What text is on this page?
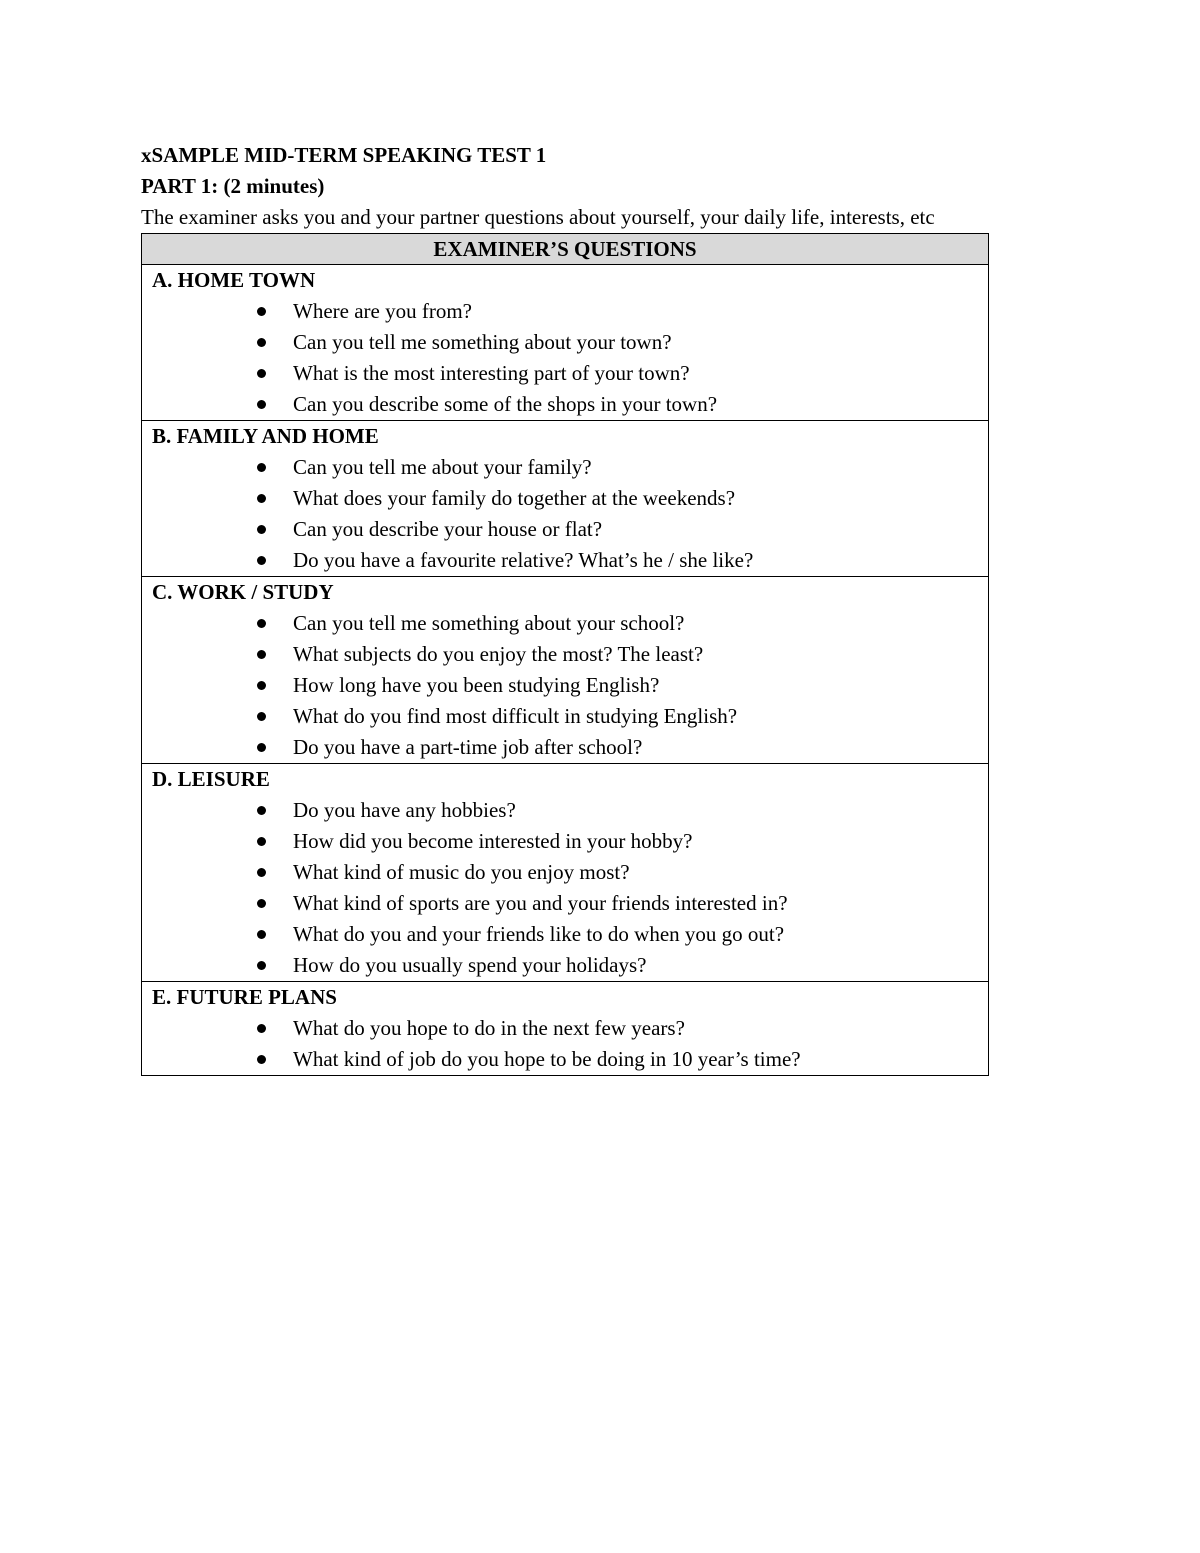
xSAMPLE MID-TERM SPEAKING TEST 1
PART 1: (2 minutes)
The examiner asks you and your partner questions about yourself, your daily life, interests, etc
EXAMINER’S QUESTIONS
A. HOME TOWN
Where are you from?
Can you tell me something about your town?
What is the most interesting part of your town?
Can you describe some of the shops in your town?
B. FAMILY AND HOME
Can you tell me about your family?
What does your family do together at the weekends?
Can you describe your house or flat?
Do you have a favourite relative? What’s he / she like?
C. WORK / STUDY
Can you tell me something about your school?
What subjects do you enjoy the most? The least?
How long have you been studying English?
What do you find most difficult in studying English?
Do you have a part-time job after school?
D. LEISURE
Do you have any hobbies?
How did you become interested in your hobby?
What kind of music do you enjoy most?
What kind of sports are you and your friends interested in?
What do you and your friends like to do when you go out?
How do you usually spend your holidays?
E. FUTURE PLANS
What do you hope to do in the next few years?
What kind of job do you hope to be doing in 10 year’s time?
